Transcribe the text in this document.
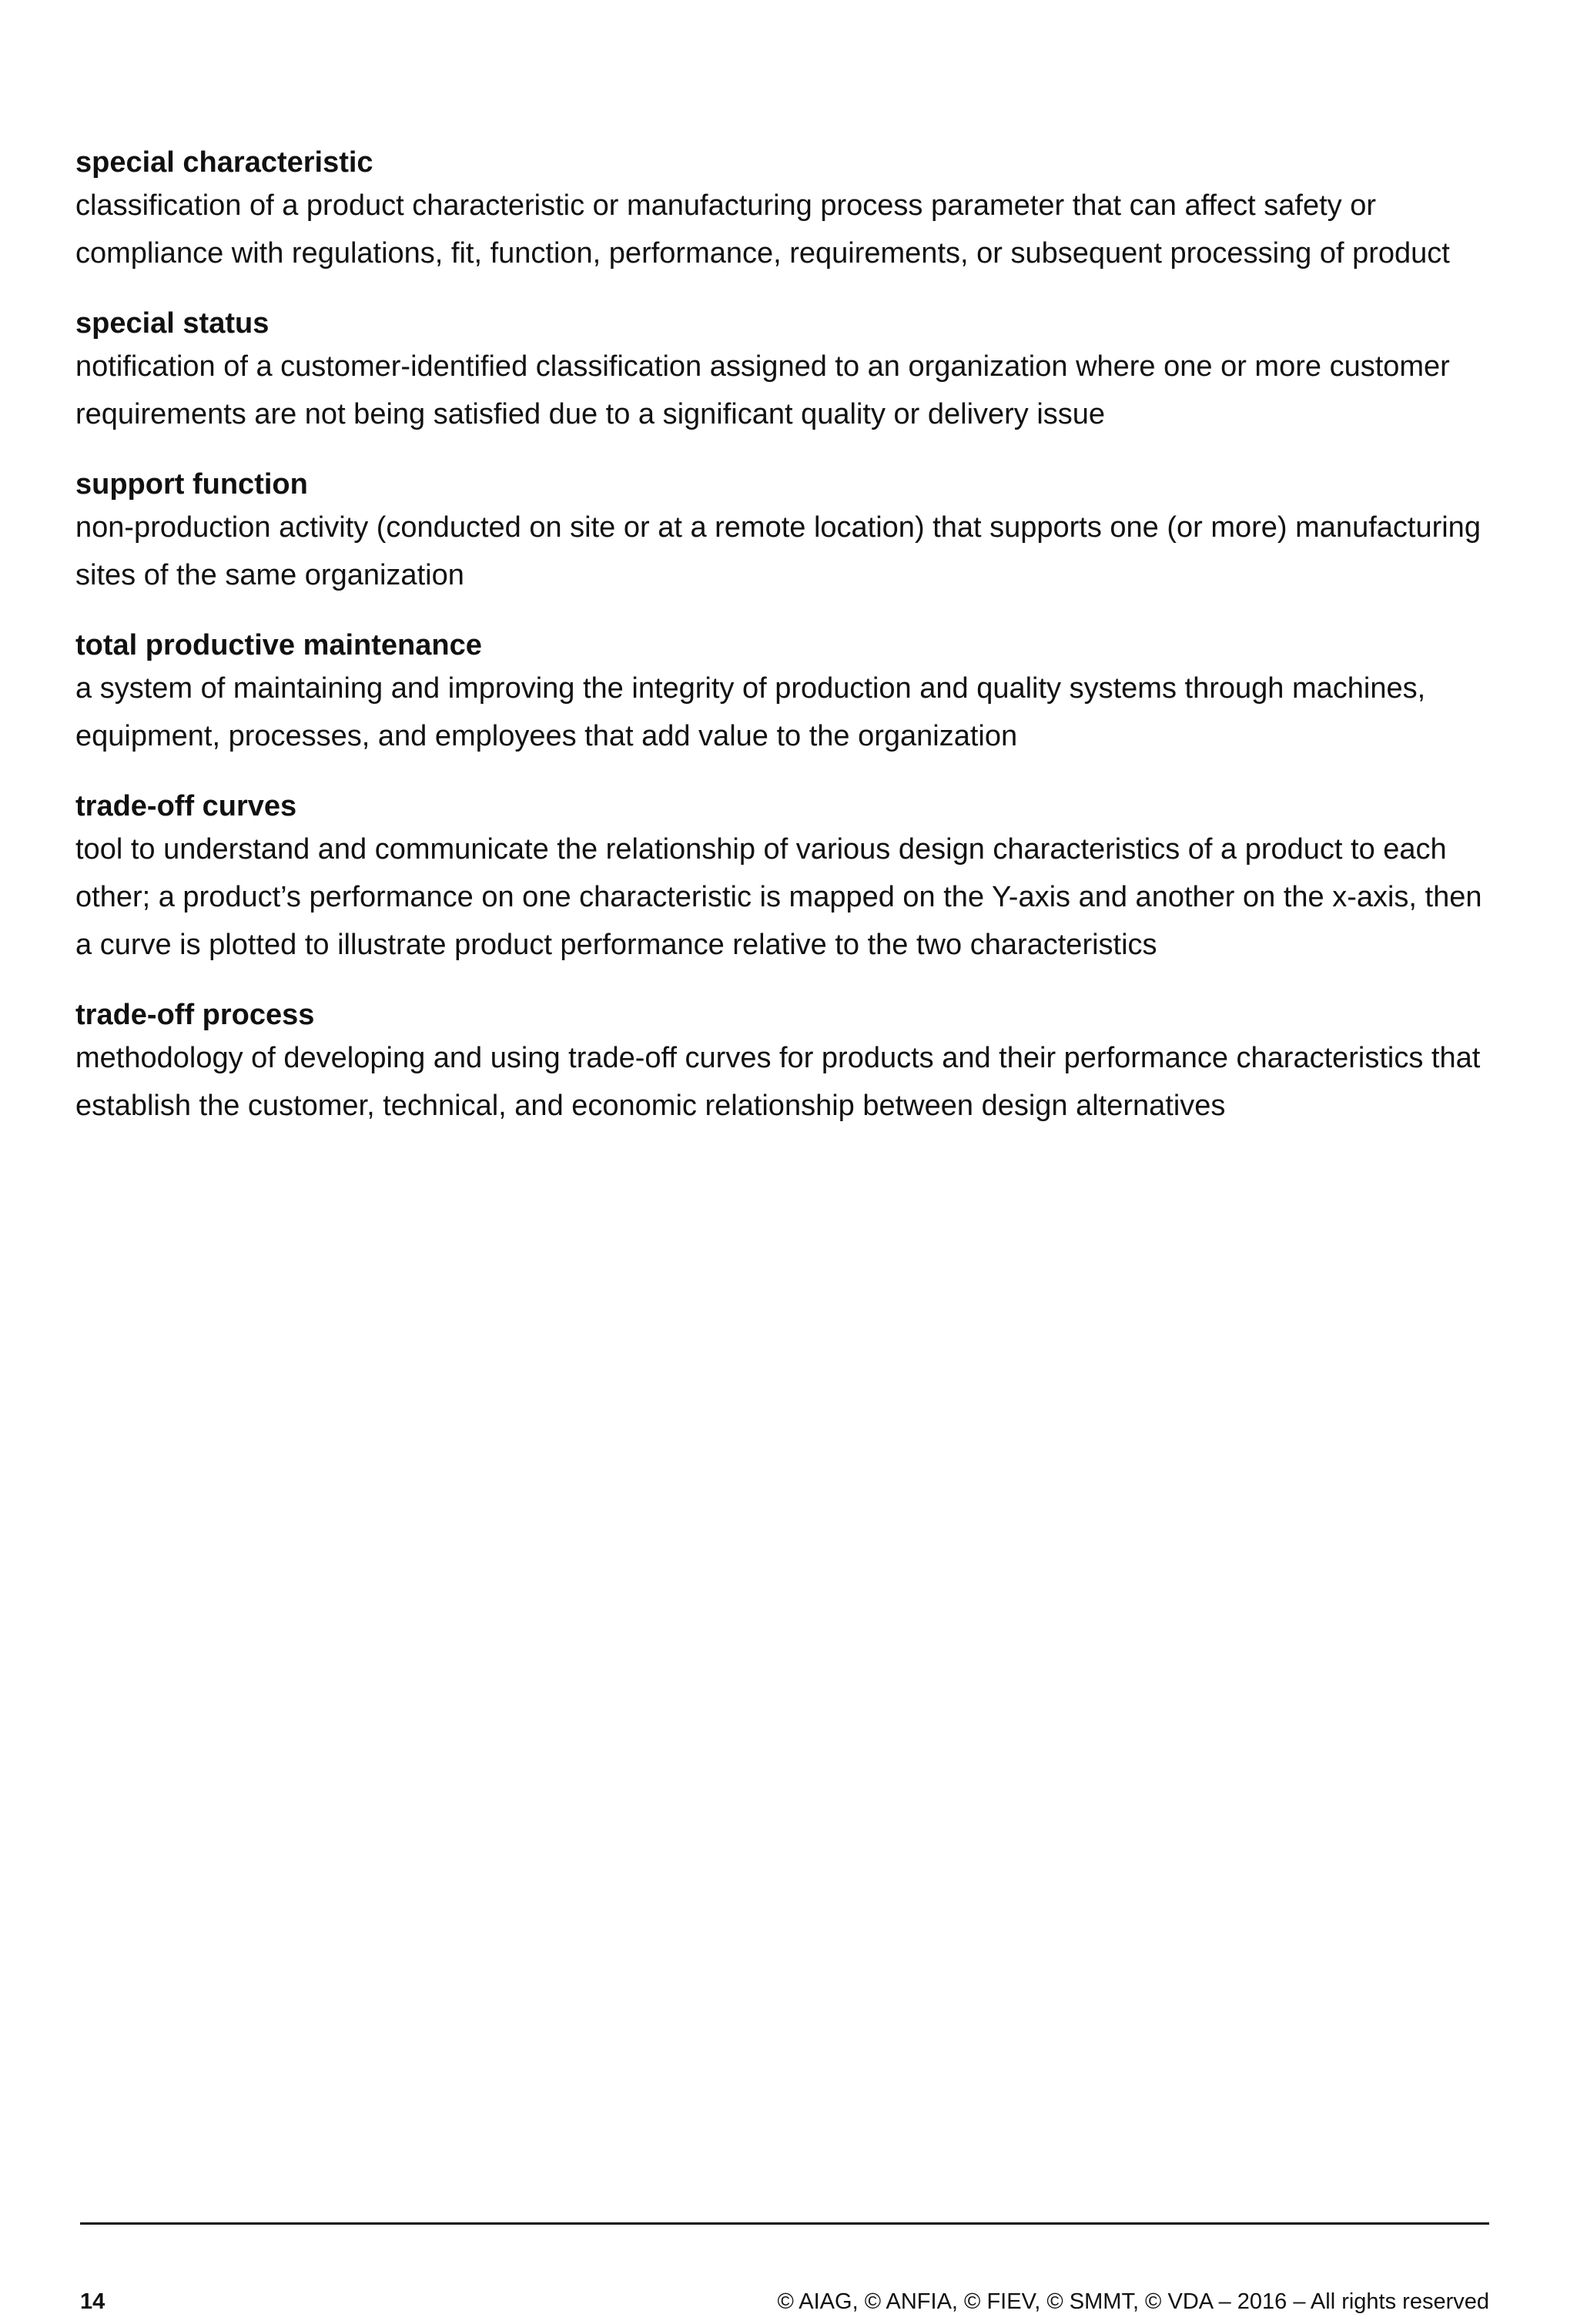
special characteristic
classification of a product characteristic or manufacturing process parameter that can affect safety or compliance with regulations, fit, function, performance, requirements, or subsequent processing of product
special status
notification of a customer-identified classification assigned to an organization where one or more customer requirements are not being satisfied due to a significant quality or delivery issue
support function
non-production activity (conducted on site or at a remote location) that supports one (or more) manufacturing sites of the same organization
total productive maintenance
a system of maintaining and improving the integrity of production and quality systems through machines, equipment, processes, and employees that add value to the organization
trade-off curves
tool to understand and communicate the relationship of various design characteristics of a product to each other; a product’s performance on one characteristic is mapped on the Y-axis and another on the x-axis, then a curve is plotted to illustrate product performance relative to the two characteristics
trade-off process
methodology of developing and using trade-off curves for products and their performance characteristics that establish the customer, technical, and economic relationship between design alternatives
14	© AIAG, © ANFIA, © FIEV, © SMMT, © VDA – 2016 – All rights reserved
